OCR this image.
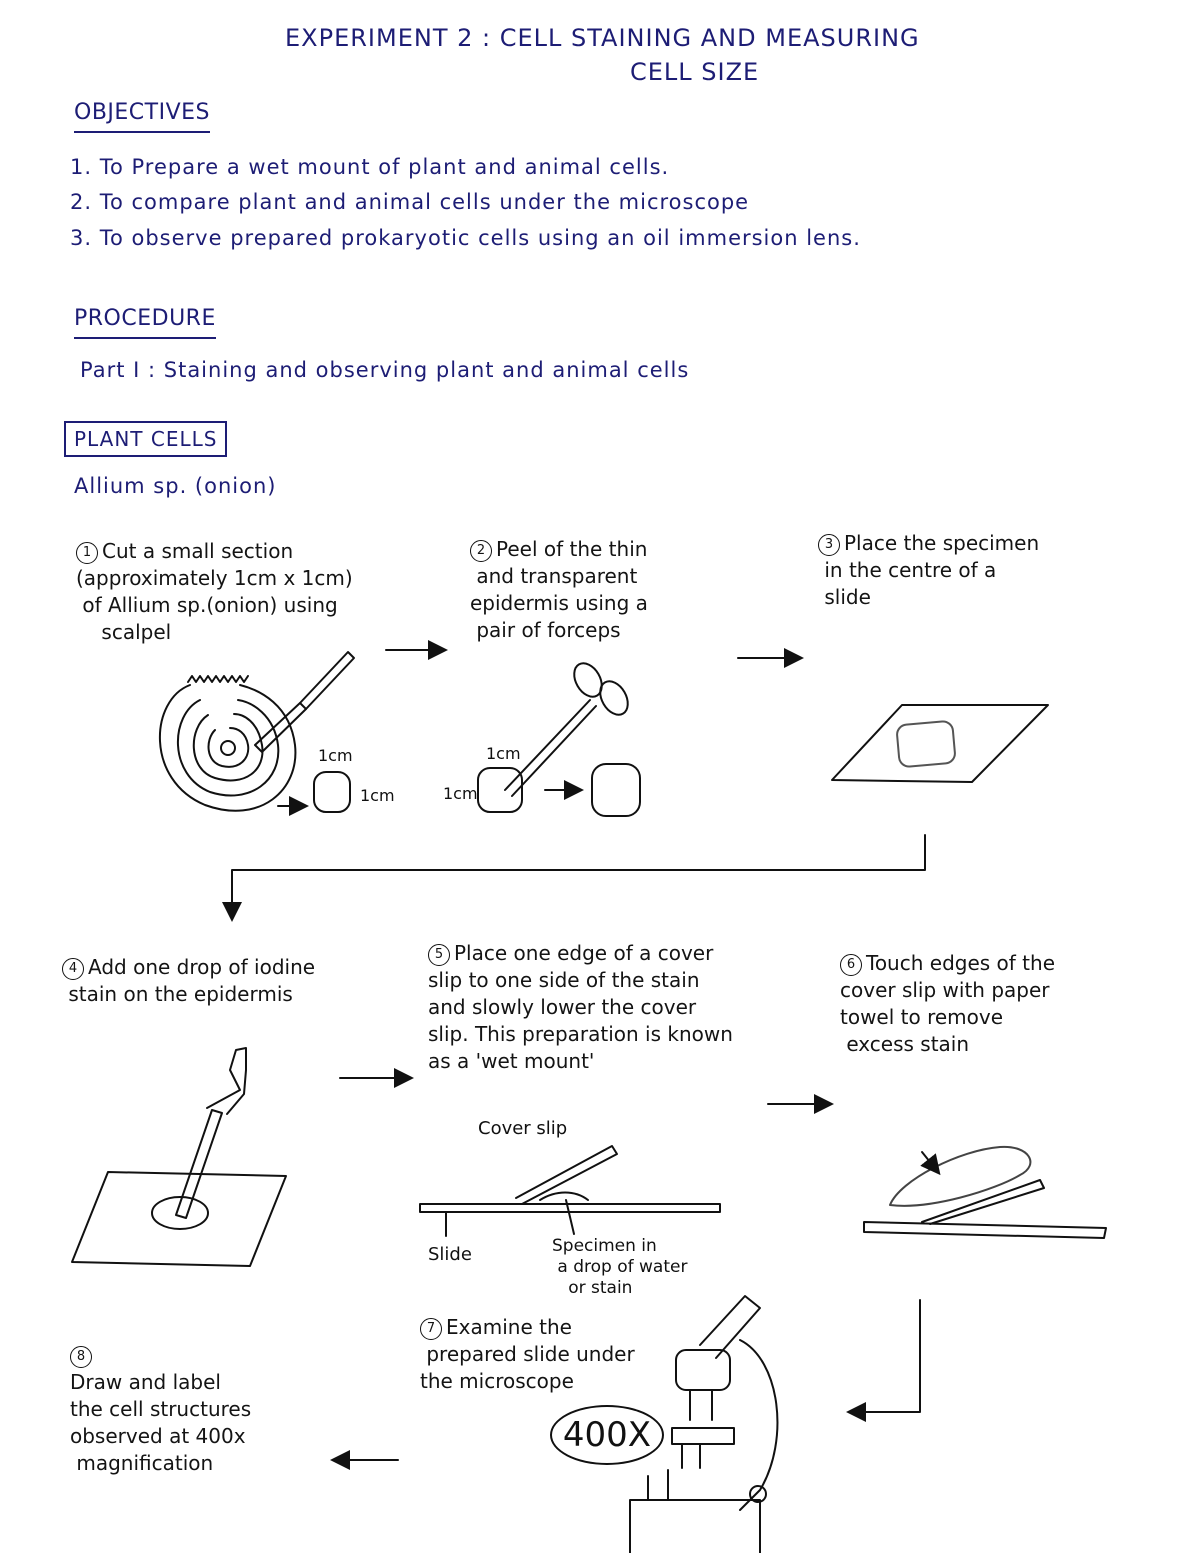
EXPERIMENT 2 : CELL STAINING AND MEASURING
CELL SIZE
OBJECTIVES
1. To Prepare a wet mount of plant and animal cells.
2. To compare plant and animal cells under the microscope
3. To observe prepared prokaryotic cells using an oil immersion lens.
PROCEDURE
Part I : Staining and observing plant and animal cells
PLANT CELLS
Allium sp. (onion)
1 Cut a small section
(approximately 1cm x 1cm)
of Allium sp.(onion) using
scalpel
2 Peel of the thin
and transparent
epidermis using a
pair of forceps
3 Place the specimen
in the centre of a
slide
4 Add one drop of iodine
stain on the epidermis
5 Place one edge of a cover
slip to one side of the stain
and slowly lower the cover
slip. This preparation is known
as a 'wet mount'
6 Touch edges of the
cover slip with paper
towel to remove
excess stain
7 Examine the
prepared slide under
the microscope
8
Draw and label
the cell structures
observed at 400x
magnification
1cm
1cm
1cm
1cm
Cover slip
Slide	Specimen in
a drop of water
or stain
400X
